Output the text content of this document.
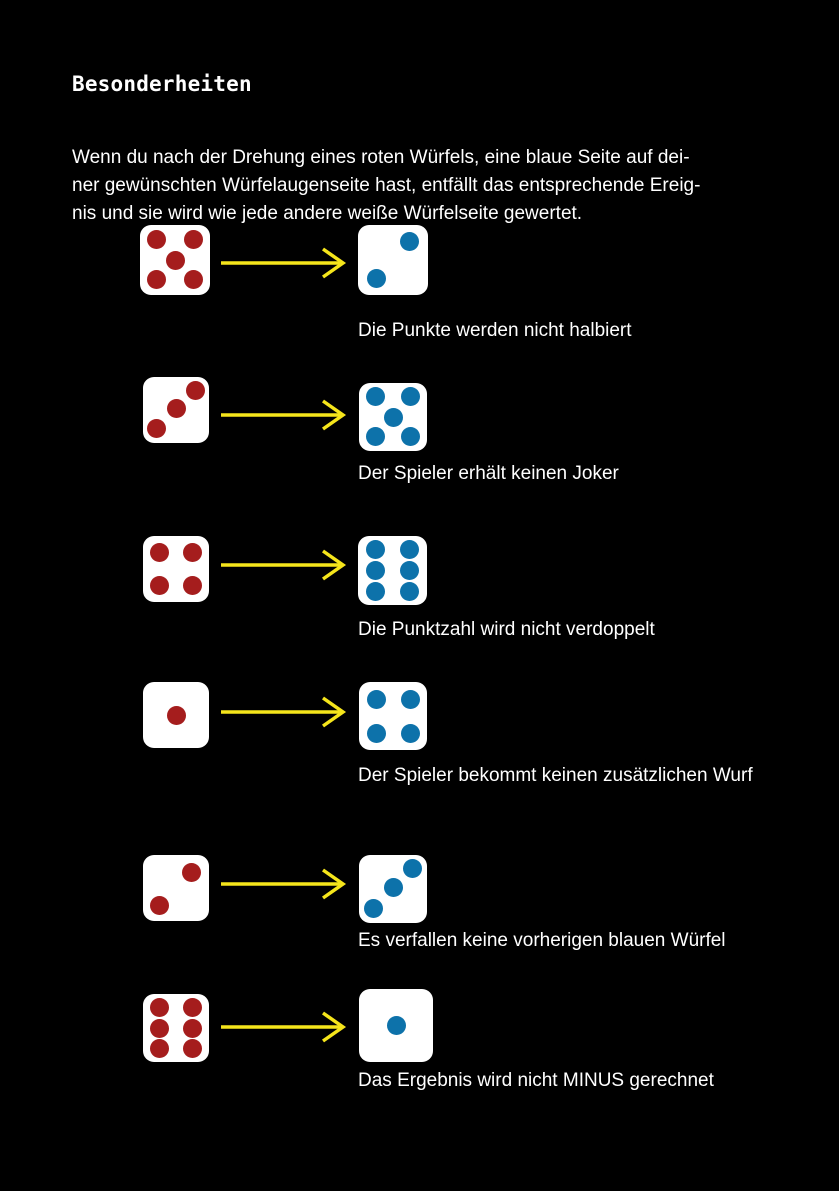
Besonderheiten
Wenn du nach der Drehung eines roten Würfels, eine blaue Seite auf dei-
ner gewünschten Würfelaugenseite hast, entfällt das entsprechende Ereig-
nis und sie wird wie jede andere weiße Würfelseite gewertet.
Die Punkte werden nicht halbiert
Der Spieler erhält keinen Joker
Die Punktzahl wird nicht verdoppelt
Der Spieler bekommt keinen zusätzlichen Wurf
Es verfallen keine vorherigen blauen Würfel
Das Ergebnis wird nicht MINUS gerechnet
